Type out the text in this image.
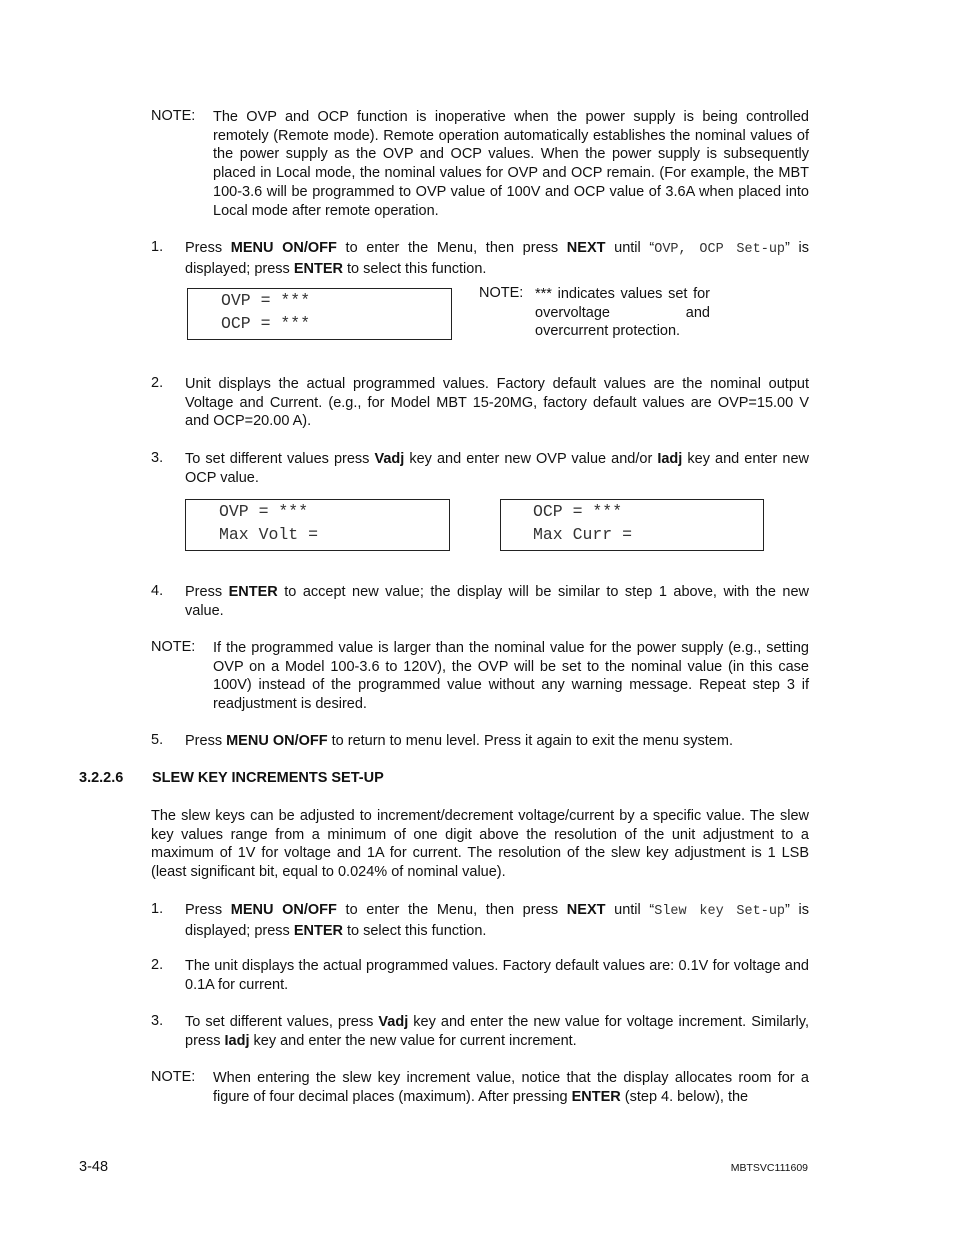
NOTE: The OVP and OCP function is inoperative when the power supply is being controlled remotely (Remote mode). Remote operation automatically establishes the nominal values of the power supply as the OVP and OCP values. When the power supply is subsequently placed in Local mode, the nominal values for OVP and OCP remain. (For example, the MBT 100-3.6 will be programmed to OVP value of 100V and OCP value of 3.6A when placed into Local mode after remote operation.
1. Press MENU ON/OFF to enter the Menu, then press NEXT until “OVP, OCP Set-up” is displayed; press ENTER to select this function.
OVP = ***
OCP = ***
NOTE: *** indicates values set for overvoltage and overcurrent protection.
2. Unit displays the actual programmed values. Factory default values are the nominal output Voltage and Current. (e.g., for Model MBT 15-20MG, factory default values are OVP=15.00 V and OCP=20.00 A).
3. To set different values press Vadj key and enter new OVP value and/or Iadj key and enter new OCP value.
OVP = ***
Max Volt =
OCP = ***
Max Curr =
4. Press ENTER to accept new value; the display will be similar to step 1 above, with the new value.
NOTE: If the programmed value is larger than the nominal value for the power supply (e.g., setting OVP on a Model 100-3.6 to 120V), the OVP will be set to the nominal value (in this case 100V) instead of the programmed value without any warning message. Repeat step 3 if readjustment is desired.
5. Press MENU ON/OFF to return to menu level. Press it again to exit the menu system.
3.2.2.6 SLEW KEY INCREMENTS SET-UP
The slew keys can be adjusted to increment/decrement voltage/current by a specific value. The slew key values range from a minimum of one digit above the resolution of the unit adjustment to a maximum of 1V for voltage and 1A for current. The resolution of the slew key adjustment is 1 LSB (least significant bit, equal to 0.024% of nominal value).
1. Press MENU ON/OFF to enter the Menu, then press NEXT until “Slew key Set-up” is displayed; press ENTER to select this function.
2. The unit displays the actual programmed values. Factory default values are: 0.1V for voltage and 0.1A for current.
3. To set different values, press Vadj key and enter the new value for voltage increment. Similarly, press Iadj key and enter the new value for current increment.
NOTE: When entering the slew key increment value, notice that the display allocates room for a figure of four decimal places (maximum). After pressing ENTER (step 4. below), the
3-48	MBTSVC111609
